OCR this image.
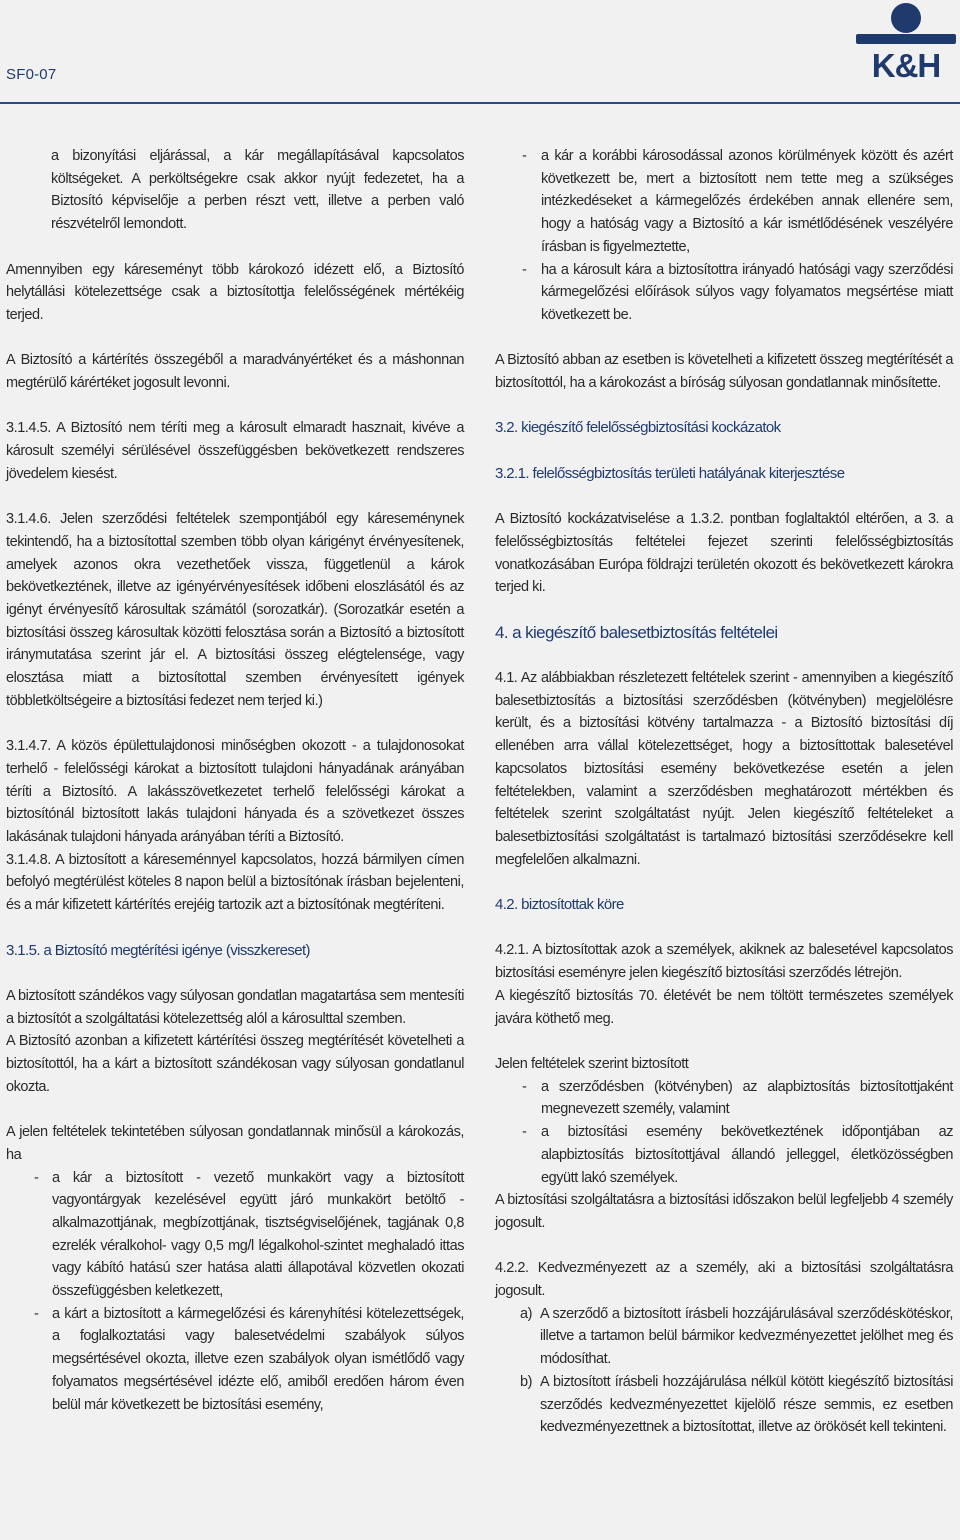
SF0-07	K&H

a bizonyítási eljárással, a kár megállapításával kapcsolatos költségeket. A perköltségekre csak akkor nyújt fedezetet, ha a Biztosító képviselője a perben részt vett, illetve a perben való részvételről lemondott.

Amennyiben egy káreseményt több károkozó idézett elő, a Biztosító helytállási kötelezettsége csak a biztosítottja felelősségének mértékéig terjed.

A Biztosító a kártérítés összegéből a maradványértéket és a máshonnan megtérülő kárértéket jogosult levonni.

3.1.4.5. A Biztosító nem téríti meg a károsult elmaradt hasznait, kivéve a károsult személyi sérülésével összefüggésben bekövetkezett rendszeres jövedelem kiesést.

3.1.4.6. Jelen szerződési feltételek szempontjából egy káreseménynek tekintendő, ha a biztosítottal szemben több olyan kárigényt érvényesítenek, amelyek azonos okra vezethetőek vissza, függetlenül a károk bekövetkeztének, illetve az igényérvényesítések időbeni eloszlásától és az igényt érvényesítő károsultak számától (sorozatkár). (Sorozatkár esetén a biztosítási összeg károsultak közötti felosztása során a Biztosító a biztosított iránymutatása szerint jár el. A biztosítási összeg elégtelensége, vagy elosztása miatt a biztosítottal szemben érvényesített igények többletköltségeire a biztosítási fedezet nem terjed ki.)

3.1.4.7. A közös épülettulajdonosi minőségben okozott - a tulajdonosokat terhelő - felelősségi károkat a biztosított tulajdoni hányadának arányában téríti a Biztosító. A lakásszövetkezetet terhelő felelősségi károkat a biztosítónál biztosított lakás tulajdoni hányada és a szövetkezet összes lakásának tulajdoni hányada arányában téríti a Biztosító.

3.1.4.8. A biztosított a káreseménnyel kapcsolatos, hozzá bármilyen címen befolyó megtérülést köteles 8 napon belül a biztosítónak írásban bejelenteni, és a már kifizetett kártérítés erejéig tartozik azt a biztosítónak megtéríteni.

3.1.5. a Biztosító megtérítési igénye (visszkereset)

A biztosított szándékos vagy súlyosan gondatlan magatartása sem mentesíti a biztosítót a szolgáltatási kötelezettség alól a károsulttal szemben.

A Biztosító azonban a kifizetett kártérítési összeg megtérítését követelheti a biztosítottól, ha a kárt a biztosított szándékosan vagy súlyosan gondatlanul okozta.

A jelen feltételek tekintetében súlyosan gondatlannak minősül a károkozás, ha

- a kár a biztosított - vezető munkakört vagy a biztosított vagyontárgyak kezelésével együtt járó munkakört betöltő - alkalmazottjának, megbízottjának, tisztségviselőjének, tagjának 0,8 ezrelék véralkohol- vagy 0,5 mg/l légalkohol-szintet meghaladó ittas vagy kábító hatású szer hatása alatti állapotával közvetlen okozati összefüggésben keletkezett,
- a kárt a biztosított a kármegelőzési és kárenyhítési kötelezettségek, a foglalkoztatási vagy balesetvédelmi szabályok súlyos megsértésével okozta, illetve ezen szabályok olyan ismétlődő vagy folyamatos megsértésével idézte elő, amiből eredően három éven belül már következett be biztosítási esemény,
- a kár a korábbi károsodással azonos körülmények között és azért következett be, mert a biztosított nem tette meg a szükséges intézkedéseket a kármegelőzés érdekében annak ellenére sem, hogy a hatóság vagy a Biztosító a kár ismétlődésének veszélyére írásban is figyelmeztette,
- ha a károsult kára a biztosítottra irányadó hatósági vagy szerződési kármegelőzési előírások súlyos vagy folyamatos megsértése miatt következett be.

A Biztosító abban az esetben is követelheti a kifizetett összeg megtérítését a biztosítottól, ha a károkozást a bíróság súlyosan gondatlannak minősítette.

3.2. kiegészítő felelősségbiztosítási kockázatok
3.2.1. felelősségbiztosítás területi hatályának kiterjesztése

A Biztosító kockázatviselése a 1.3.2. pontban foglaltaktól eltérően, a 3. a felelősségbiztosítás feltételei fejezet szerinti felelősségbiztosítás vonatkozásában Európa földrajzi területén okozott és bekövetkezett károkra terjed ki.

4. a kiegészítő balesetbiztosítás feltételei

4.1. Az alábbiakban részletezett feltételek szerint - amennyiben a kiegészítő balesetbiztosítás a biztosítási szerződésben (kötvényben) megjelölésre került, és a biztosítási kötvény tartalmazza - a Biztosító biztosítási díj ellenében arra vállal kötelezettséget, hogy a biztosíttottak balesetével kapcsolatos biztosítási esemény bekövetkezése esetén a jelen feltételekben, valamint a szerződésben meghatározott mértékben és feltételek szerint szolgáltatást nyújt. Jelen kiegészítő feltételeket a balesetbiztosítási szolgáltatást is tartalmazó biztosítási szerződésekre kell megfelelően alkalmazni.

4.2. biztosítottak köre

4.2.1. A biztosítottak azok a személyek, akiknek az balesetével kapcsolatos biztosítási eseményre jelen kiegészítő biztosítási szerződés létrejön.

A kiegészítő biztosítás 70. életévét be nem töltött természetes személyek javára köthető meg.

Jelen feltételek szerint biztosított

- a szerződésben (kötvényben) az alapbiztosítás biztosítottjaként megnevezett személy, valamint
- a biztosítási esemény bekövetkeztének időpontjában az alapbiztosítás biztosítottjával állandó jelleggel, életközösségben együtt lakó személyek.

A biztosítási szolgáltatásra a biztosítási időszakon belül legfeljebb 4 személy jogosult.

4.2.2. Kedvezményezett az a személy, aki a biztosítási szolgáltatásra jogosult.

a) A szerződő a biztosított írásbeli hozzájárulásával szerződéskötéskor, illetve a tartamon belül bármikor kedvezményezettet jelölhet meg és módosíthat.
b) A biztosított írásbeli hozzájárulása nélkül kötött kiegészítő biztosítási szerződés kedvezményezettet kijelölő része semmis, ez esetben kedvezményezettnek a biztosítottat, illetve az örökösét kell tekinteni.
